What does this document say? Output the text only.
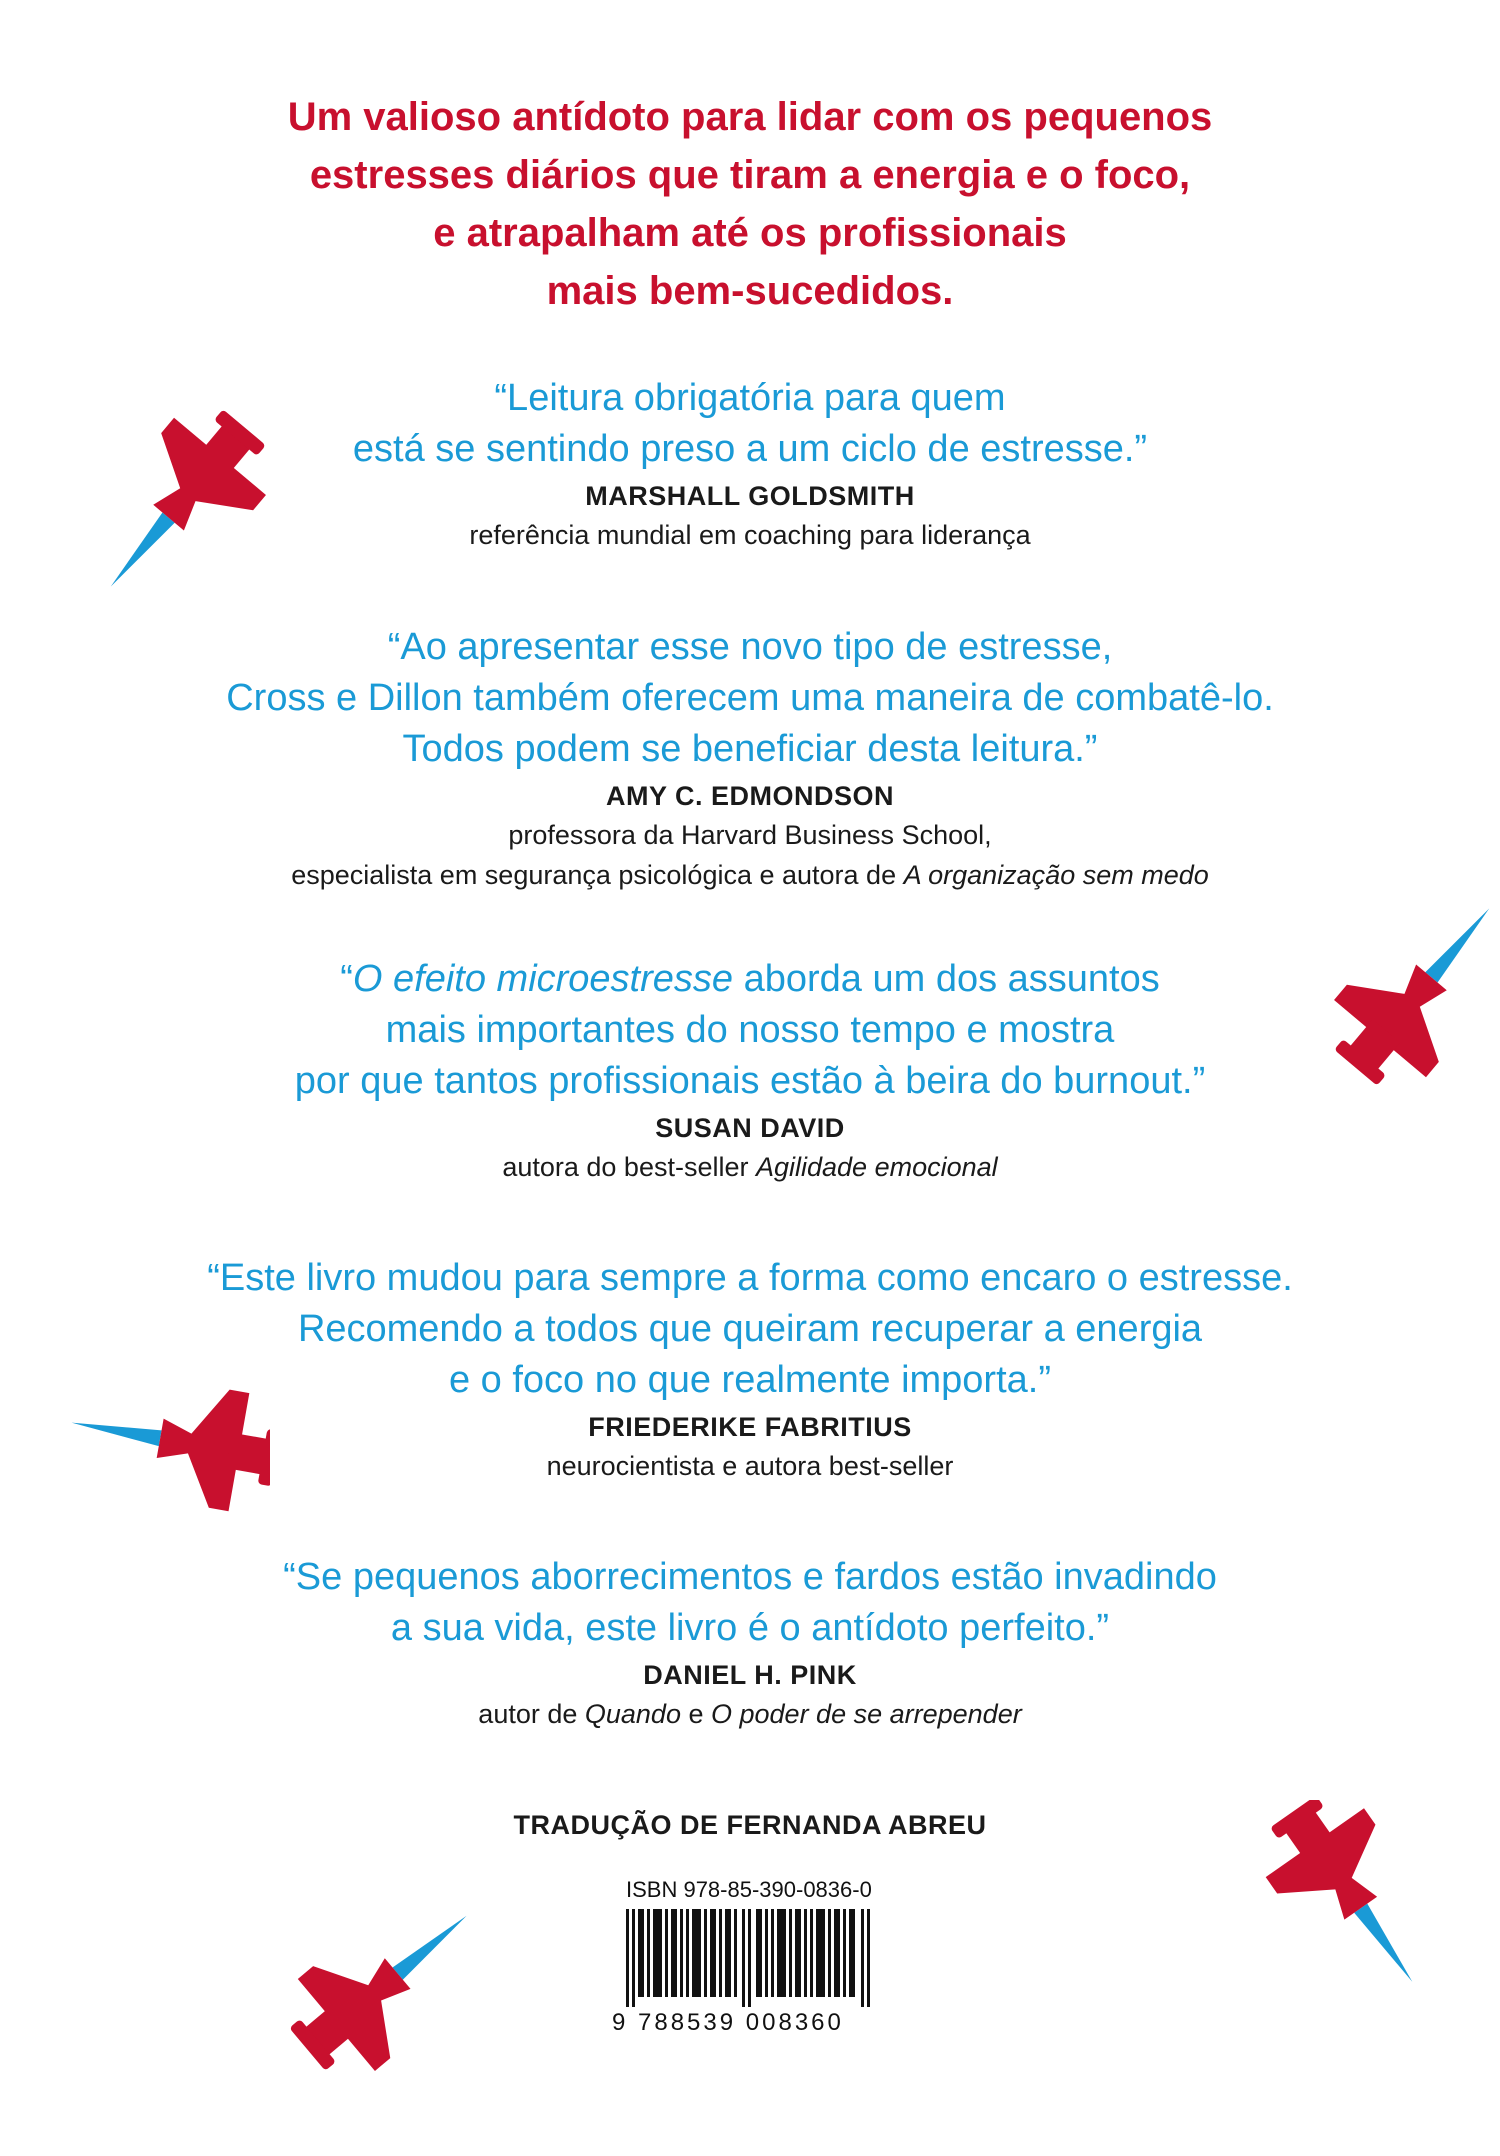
Um valioso antídoto para lidar com os pequenos
estresses diários que tiram a energia e o foco,
e atrapalham até os profissionais
mais bem-sucedidos.
“Leitura obrigatória para quem
está se sentindo preso a um ciclo de estresse.”
MARSHALL GOLDSMITH
referência mundial em coaching para liderança
“Ao apresentar esse novo tipo de estresse,
Cross e Dillon também oferecem uma maneira de combatê-lo.
Todos podem se beneficiar desta leitura.”
AMY C. EDMONDSON
professora da Harvard Business School,
especialista em segurança psicológica e autora de A organização sem medo
“O efeito microestresse aborda um dos assuntos
mais importantes do nosso tempo e mostra
por que tantos profissionais estão à beira do burnout.”
SUSAN DAVID
autora do best-seller Agilidade emocional
“Este livro mudou para sempre a forma como encaro o estresse.
Recomendo a todos que queiram recuperar a energia
e o foco no que realmente importa.”
FRIEDERIKE FABRITIUS
neurocientista e autora best-seller
“Se pequenos aborrecimentos e fardos estão invadindo
a sua vida, este livro é o antídoto perfeito.”
DANIEL H. PINK
autor de Quando e O poder de se arrepender
TRADUÇÃO DE FERNANDA ABREU
ISBN 978-85-390-0836-0
9 788539 008360
